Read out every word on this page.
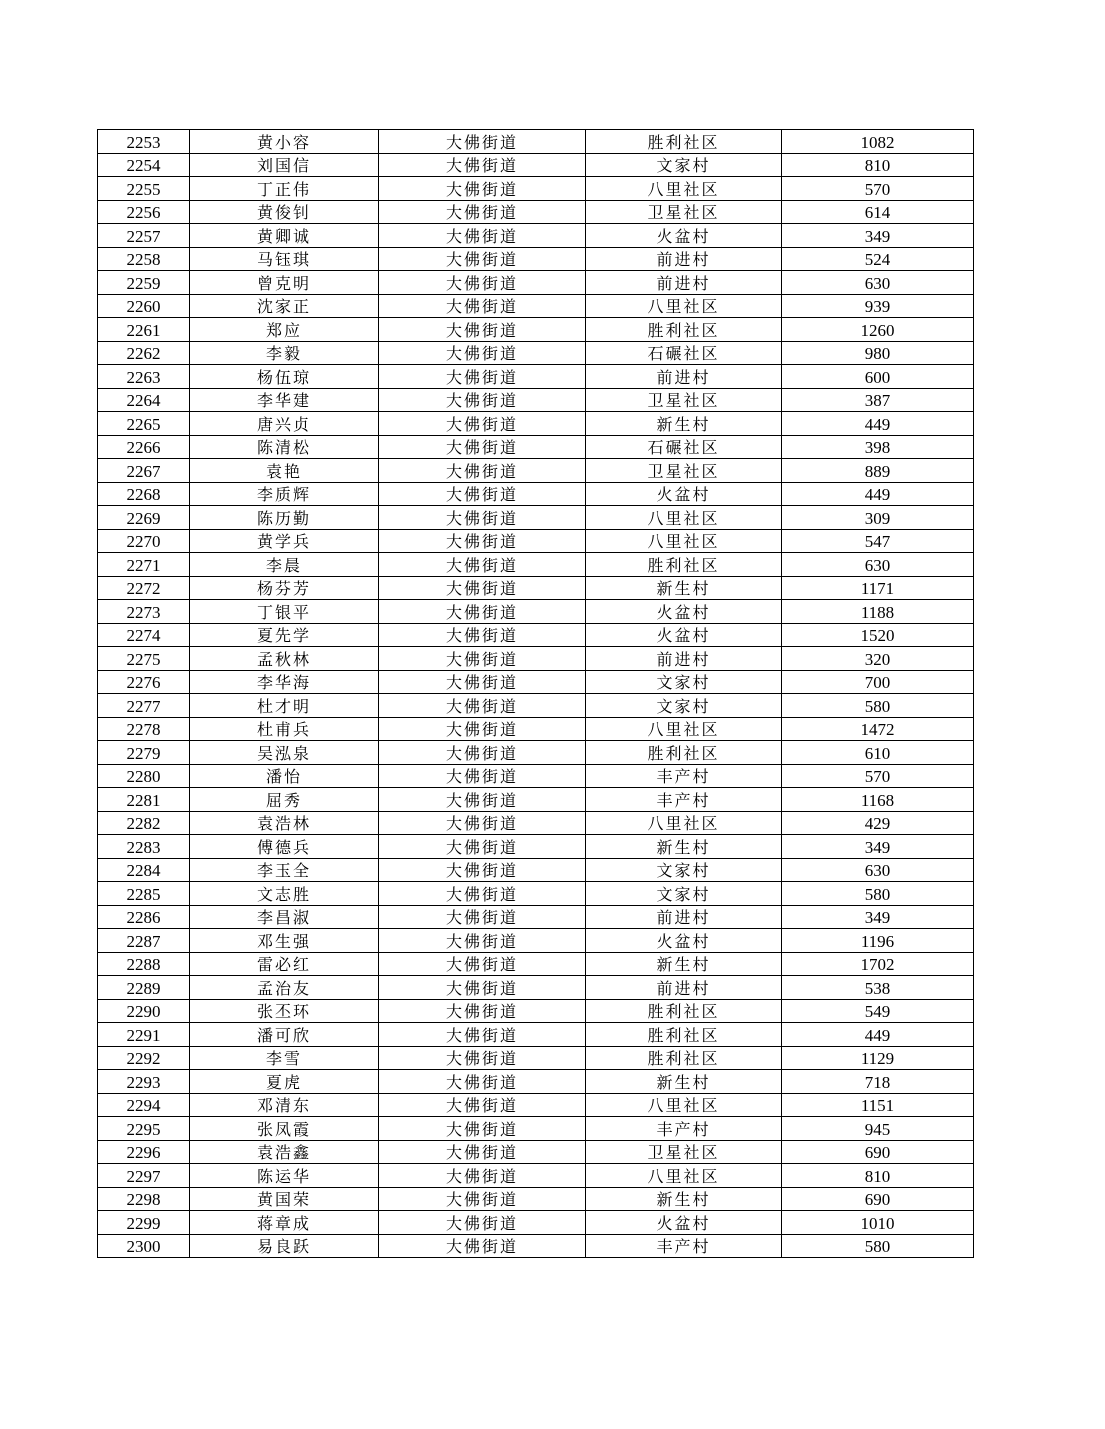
2253	黄小容	大佛街道	胜利社区	1082
2254	刘国信	大佛街道	文家村	810
2255	丁正伟	大佛街道	八里社区	570
2256	黄俊钊	大佛街道	卫星社区	614
2257	黄卿诚	大佛街道	火盆村	349
2258	马钰琪	大佛街道	前进村	524
2259	曾克明	大佛街道	前进村	630
2260	沈家正	大佛街道	八里社区	939
2261	郑应	大佛街道	胜利社区	1260
2262	李毅	大佛街道	石碾社区	980
2263	杨伍琼	大佛街道	前进村	600
2264	李华建	大佛街道	卫星社区	387
2265	唐兴贞	大佛街道	新生村	449
2266	陈清松	大佛街道	石碾社区	398
2267	袁艳	大佛街道	卫星社区	889
2268	李质辉	大佛街道	火盆村	449
2269	陈历勤	大佛街道	八里社区	309
2270	黄学兵	大佛街道	八里社区	547
2271	李晨	大佛街道	胜利社区	630
2272	杨芬芳	大佛街道	新生村	1171
2273	丁银平	大佛街道	火盆村	1188
2274	夏先学	大佛街道	火盆村	1520
2275	孟秋林	大佛街道	前进村	320
2276	李华海	大佛街道	文家村	700
2277	杜才明	大佛街道	文家村	580
2278	杜甫兵	大佛街道	八里社区	1472
2279	吴泓泉	大佛街道	胜利社区	610
2280	潘怡	大佛街道	丰产村	570
2281	屈秀	大佛街道	丰产村	1168
2282	袁浩林	大佛街道	八里社区	429
2283	傅德兵	大佛街道	新生村	349
2284	李玉全	大佛街道	文家村	630
2285	文志胜	大佛街道	文家村	580
2286	李昌淑	大佛街道	前进村	349
2287	邓生强	大佛街道	火盆村	1196
2288	雷必红	大佛街道	新生村	1702
2289	孟治友	大佛街道	前进村	538
2290	张丕环	大佛街道	胜利社区	549
2291	潘可欣	大佛街道	胜利社区	449
2292	李雪	大佛街道	胜利社区	1129
2293	夏虎	大佛街道	新生村	718
2294	邓清东	大佛街道	八里社区	1151
2295	张凤霞	大佛街道	丰产村	945
2296	袁浩鑫	大佛街道	卫星社区	690
2297	陈运华	大佛街道	八里社区	810
2298	黄国荣	大佛街道	新生村	690
2299	蒋章成	大佛街道	火盆村	1010
2300	易良跃	大佛街道	丰产村	580
